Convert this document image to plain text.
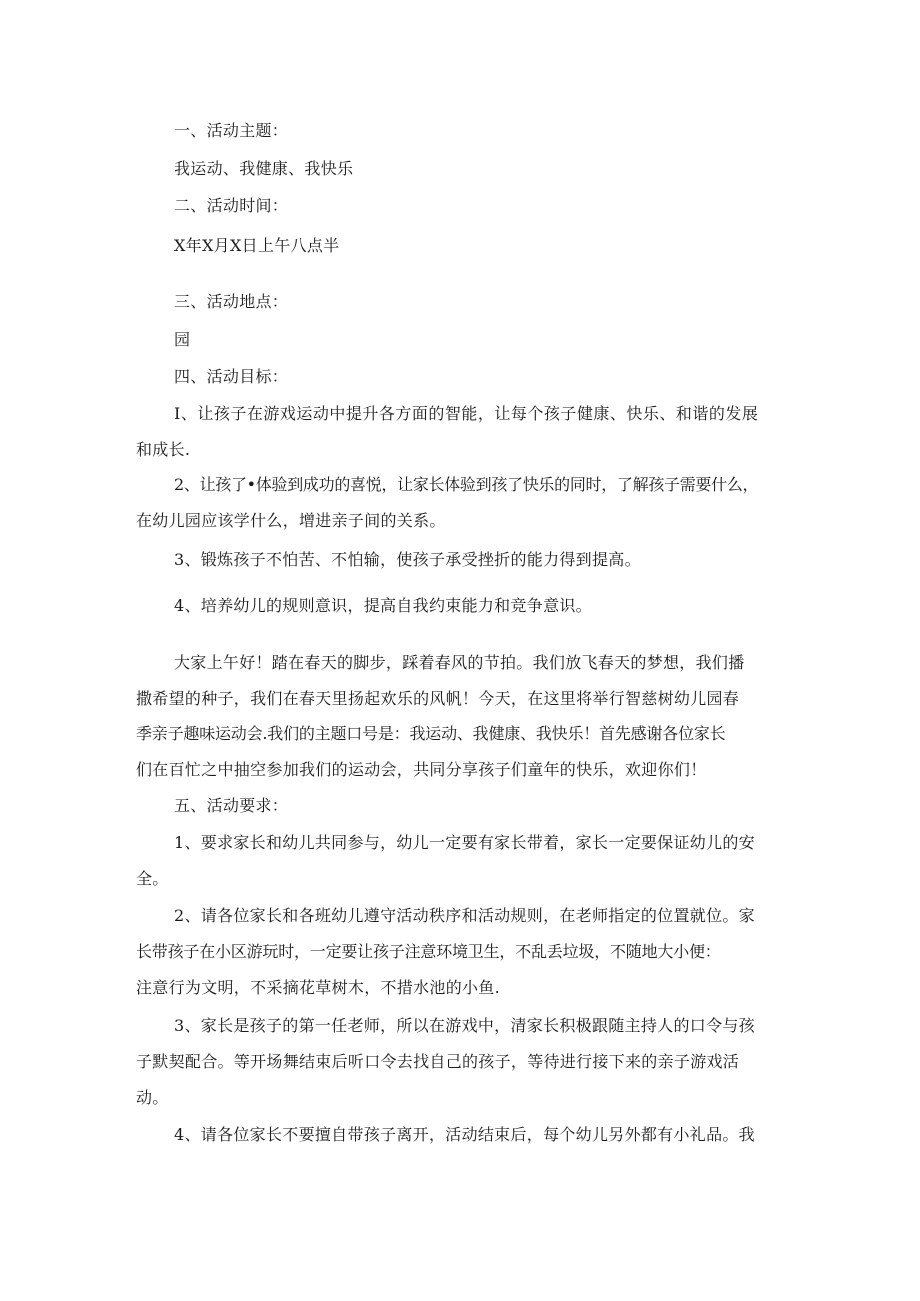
一、活动主题：
我运动、我健康、我快乐
二、活动时间：
X年X月X日上午八点半
三、活动地点：
园
四、活动目标：
I、让孩子在游戏运动中提升各方面的智能，让每个孩子健康、快乐、和谐的发展
和成长.
2、让孩了•体验到成功的喜悦，让家长体验到孩了快乐的同时，了解孩子需要什么，
在幼儿园应该学什么，增进亲子间的关系。
3、锻炼孩子不怕苦、不怕输，使孩子承受挫折的能力得到提高。
4、培养幼儿的规则意识，提高自我约束能力和竞争意识。
大家上午好！踏在春天的脚步，踩着春风的节拍。我们放飞春天的梦想，我们播
撒希望的种子，我们在春天里扬起欢乐的风帆！今天，在这里将举行智慈树幼儿园春
季亲子趣味运动会.我们的主题口号是：我运动、我健康、我快乐！首先感谢各位家长
们在百忙之中抽空参加我们的运动会，共同分享孩子们童年的快乐，欢迎你们！
五、活动要求：
1、要求家长和幼儿共同参与，幼儿一定要有家长带着，家长一定要保证幼儿的安
全。
2、请各位家长和各班幼儿遵守活动秩序和活动规则，在老师指定的位置就位。家
长带孩子在小区游玩时，一定要让孩子注意环境卫生，不乱丢垃圾，不随地大小便：
注意行为文明，不采摘花草树木，不措水池的小鱼.
3、家长是孩子的第一任老师，所以在游戏中，清家长积极跟随主持人的口令与孩
子默契配合。等开场舞结束后听口令去找自己的孩子，等待进行接下来的亲子游戏活
动。
4、请各位家长不要擅自带孩子离开，活动结束后，每个幼儿另外都有小礼品。我
